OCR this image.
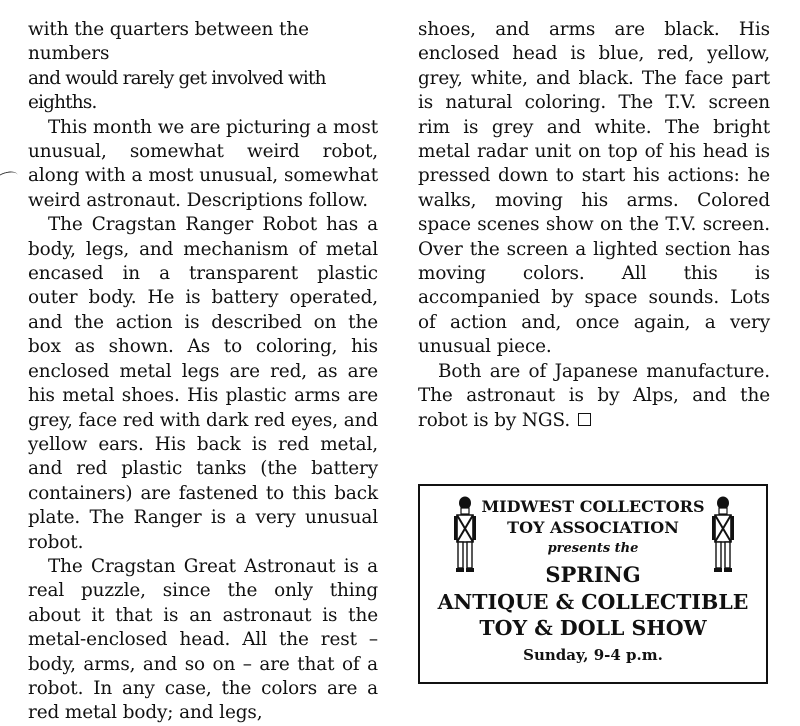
with the quarters between the numbers

and would rarely get involved with eighths.

This month we are picturing a most unusual, somewhat weird robot, along with a most unusual, somewhat weird astronaut. Descriptions follow.

The Cragstan Ranger Robot has a body, legs, and mechanism of metal encased in a transparent plastic outer body. He is battery operated, and the action is described on the box as shown. As to coloring, his enclosed metal legs are red, as are his metal shoes. His plastic arms are grey, face red with dark red eyes, and yellow ears. His back is red metal, and red plastic tanks (the battery containers) are fastened to this back plate. The Ranger is a very unusual robot.

The Cragstan Great Astronaut is a real puzzle, since the only thing about it that is an astronaut is the metal-enclosed head. All the rest – body, arms, and so on – are that of a robot. In any case, the colors are a red metal body; and legs,

shoes, and arms are black. His enclosed head is blue, red, yellow, grey, white, and black. The face part is natural coloring. The T.V. screen rim is grey and white. The bright metal radar unit on top of his head is pressed down to start his actions: he walks, moving his arms. Colored space scenes show on the T.V. screen. Over the screen a lighted section has moving colors. All this is accompanied by space sounds. Lots of action and, once again, a very unusual piece.

Both are of Japanese manufacture. The astronaut is by Alps, and the robot is by NGS.

MIDWEST COLLECTORS
TOY ASSOCIATION
presents the
SPRING
ANTIQUE & COLLECTIBLE
TOY & DOLL SHOW
Sunday, 9-4 p.m.
